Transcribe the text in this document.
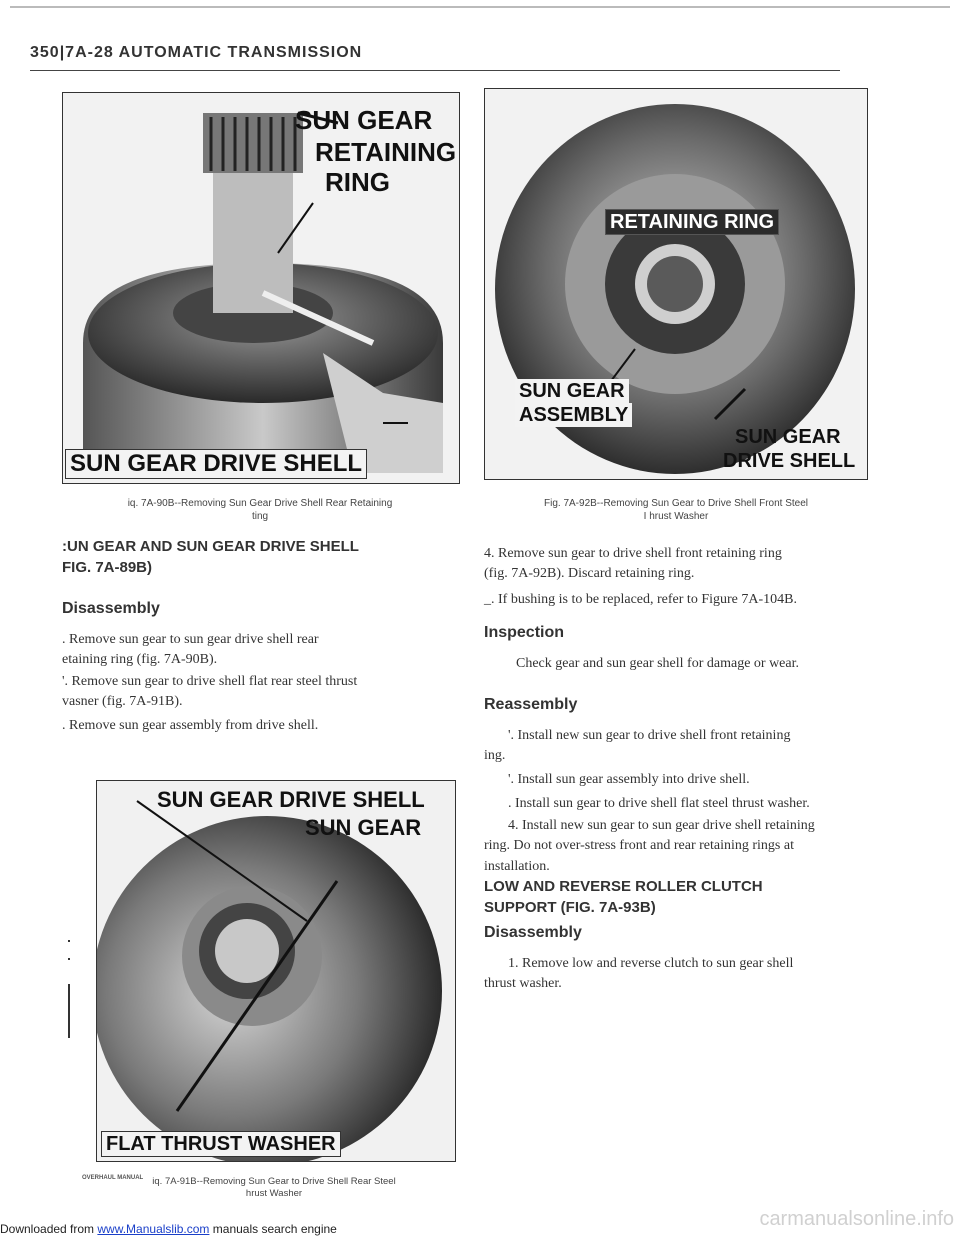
350|7A-28 AUTOMATIC TRANSMISSION
SUN GEAR
RETAINING
RING
SUN GEAR DRIVE SHELL
iq. 7A-90B--Removing Sun Gear Drive Shell Rear Retaining
ting
RETAINING RING
SUN GEAR
ASSEMBLY
SUN GEAR
DRIVE SHELL
Fig. 7A-92B--Removing Sun Gear to Drive Shell Front Steel
I hrust Washer
:UN GEAR AND SUN GEAR DRIVE SHELL
FIG. 7A-89B)
Disassembly
. Remove sun gear to sun gear drive shell rear
etaining ring (fig. 7A-90B).
'. Remove sun gear to drive shell flat rear steel thrust
vasner (fig. 7A-91B).
. Remove sun gear assembly from drive shell.
SUN GEAR DRIVE SHELL
SUN GEAR
FLAT THRUST WASHER
iq. 7A-91B--Removing Sun Gear to Drive Shell Rear Steel
hrust Washer
4. Remove sun gear to drive shell front retaining ring
(fig. 7A-92B). Discard retaining ring.
_. If bushing is to be replaced, refer to Figure 7A-104B.
Inspection
Check gear and sun gear shell for damage or wear.
Reassembly
'. Install new sun gear to drive shell front retaining
ing.
'. Install sun gear assembly into drive shell.
. Install sun gear to drive shell flat steel thrust washer.
4. Install new sun gear to sun gear drive shell retaining
ring. Do not over-stress front and rear retaining rings at
installation.
LOW AND REVERSE ROLLER CLUTCH
SUPPORT (FIG. 7A-93B)
Disassembly
1. Remove low and reverse clutch to sun gear shell
thrust washer.
OVERHAUL MANUAL
Downloaded from www.Manualslib.com manuals search engine	carmanualsonline.info
